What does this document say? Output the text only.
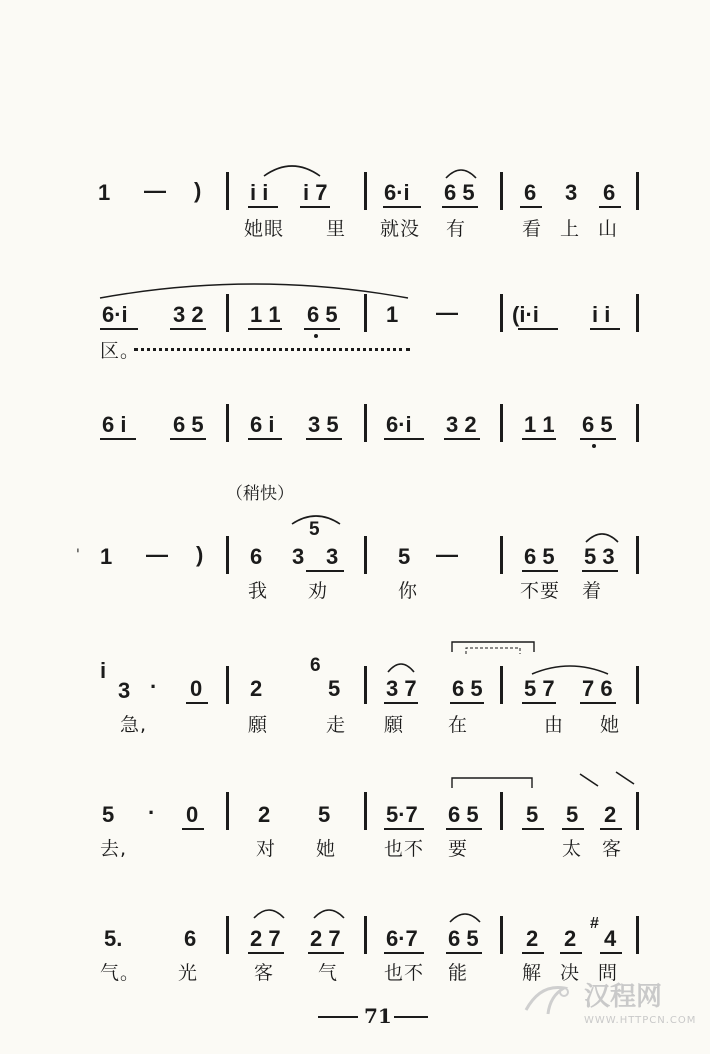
1 — ) i i i 7	6·i 6 5 6 3 6
她眼 里 就没 有	看 上 山
6·i 3 2 1 1 6 5 1 — (i·i i i
区。
6 i 6 5 6 i 3 5 6·i 3 2 1 1 6 5
（稍快）
1 — ) 6 3
5
3	5 —	6 5 5 3
我 劝	你	不要 着
i
3 · 0 2
6
5 3 7 6 5 5 7 7 6
急,	願	走 願 在	由 她
5 · 0	2 5	5·7 6 5 5 5 2
去,	对 她	也不 要	太 客
5.	6 2 7 2 7 6·7 6 5 2 2
#
4
气。 光	客 气 也不 能	解 决 問
71
汉程网
WWW.HTTPCN.COM
'
